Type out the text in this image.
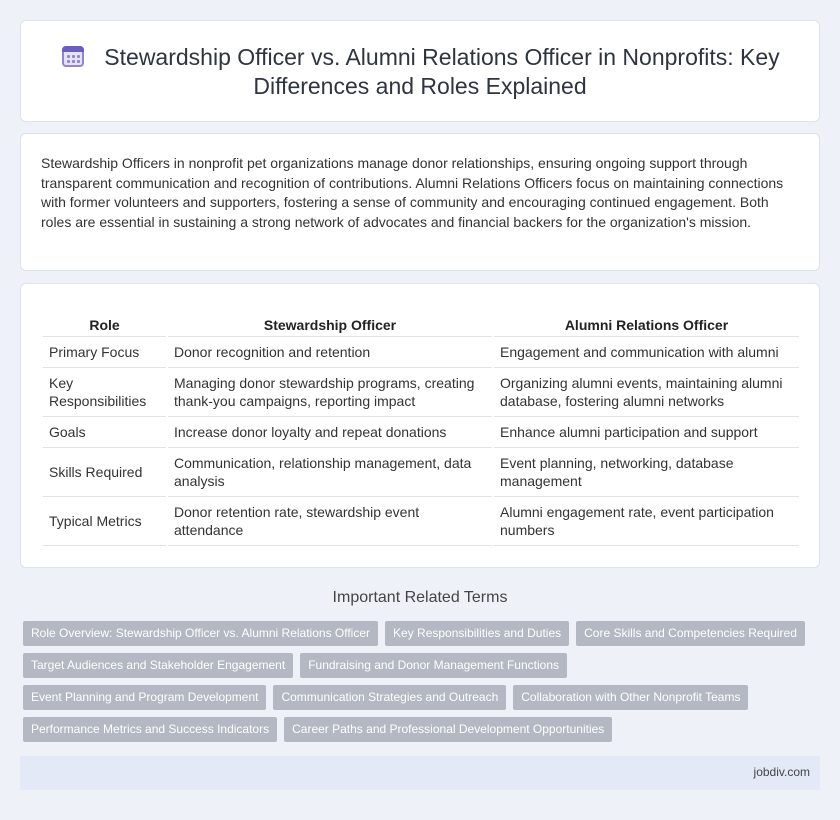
Stewardship Officer vs. Alumni Relations Officer in Nonprofits: Key Differences and Roles Explained

Stewardship Officers in nonprofit pet organizations manage donor relationships, ensuring ongoing support through transparent communication and recognition of contributions. Alumni Relations Officers focus on maintaining connections with former volunteers and supporters, fostering a sense of community and encouraging continued engagement. Both roles are essential in sustaining a strong network of advocates and financial backers for the organization's mission.

Role	Stewardship Officer	Alumni Relations Officer
Primary Focus	Donor recognition and retention	Engagement and communication with alumni
Key Responsibilities	Managing donor stewardship programs, creating thank-you campaigns, reporting impact	Organizing alumni events, maintaining alumni database, fostering alumni networks
Goals	Increase donor loyalty and repeat donations	Enhance alumni participation and support
Skills Required	Communication, relationship management, data analysis	Event planning, networking, database management
Typical Metrics	Donor retention rate, stewardship event attendance	Alumni engagement rate, event participation numbers
Important Related Terms
Role Overview: Stewardship Officer vs. Alumni Relations Officer	Key Responsibilities and Duties	Core Skills and Competencies Required
Target Audiences and Stakeholder Engagement	Fundraising and Donor Management Functions
Event Planning and Program Development	Communication Strategies and Outreach	Collaboration with Other Nonprofit Teams
Performance Metrics and Success Indicators	Career Paths and Professional Development Opportunities
jobdiv.com
